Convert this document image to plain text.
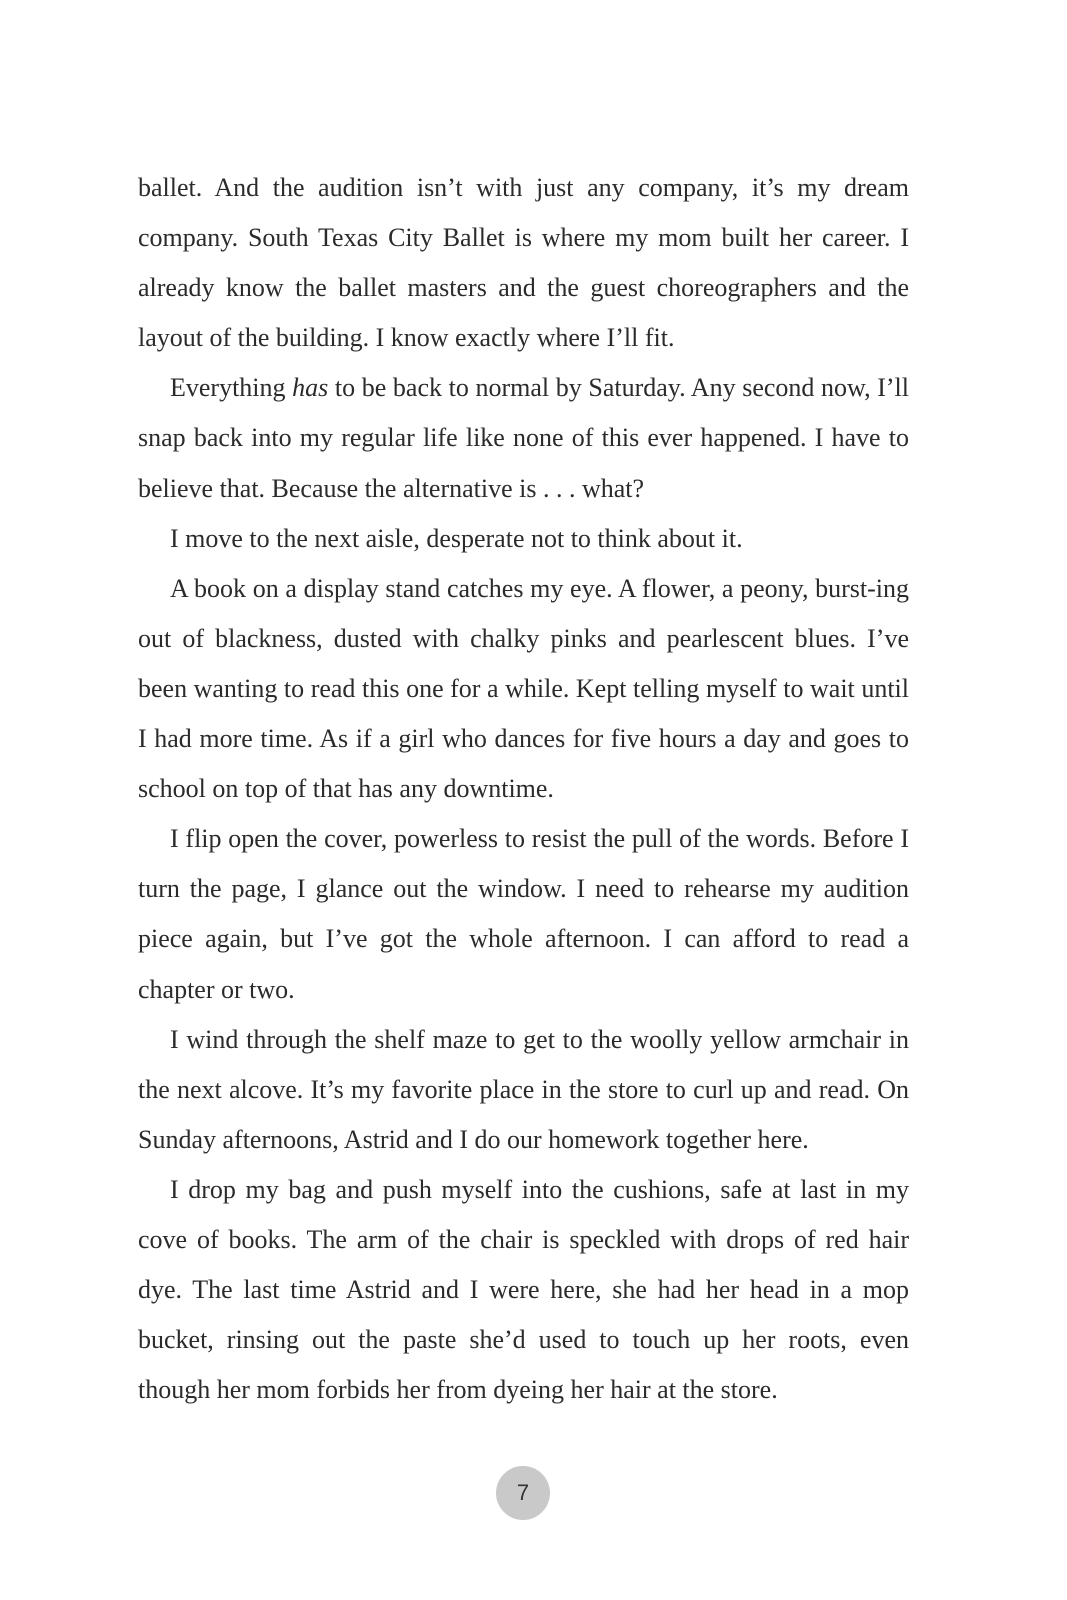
ballet. And the audition isn’t with just any company, it’s my dream company. South Texas City Ballet is where my mom built her career. I already know the ballet masters and the guest choreographers and the layout of the building. I know exactly where I’ll fit.

Everything has to be back to normal by Saturday. Any second now, I’ll snap back into my regular life like none of this ever happened. I have to believe that. Because the alternative is . . . what?

I move to the next aisle, desperate not to think about it.

A book on a display stand catches my eye. A flower, a peony, burst-ing out of blackness, dusted with chalky pinks and pearlescent blues. I’ve been wanting to read this one for a while. Kept telling myself to wait until I had more time. As if a girl who dances for five hours a day and goes to school on top of that has any downtime.

I flip open the cover, powerless to resist the pull of the words. Before I turn the page, I glance out the window. I need to rehearse my audition piece again, but I’ve got the whole afternoon. I can afford to read a chapter or two.

I wind through the shelf maze to get to the woolly yellow armchair in the next alcove. It’s my favorite place in the store to curl up and read. On Sunday afternoons, Astrid and I do our homework together here.

I drop my bag and push myself into the cushions, safe at last in my cove of books. The arm of the chair is speckled with drops of red hair dye. The last time Astrid and I were here, she had her head in a mop bucket, rinsing out the paste she’d used to touch up her roots, even though her mom forbids her from dyeing her hair at the store.

7
